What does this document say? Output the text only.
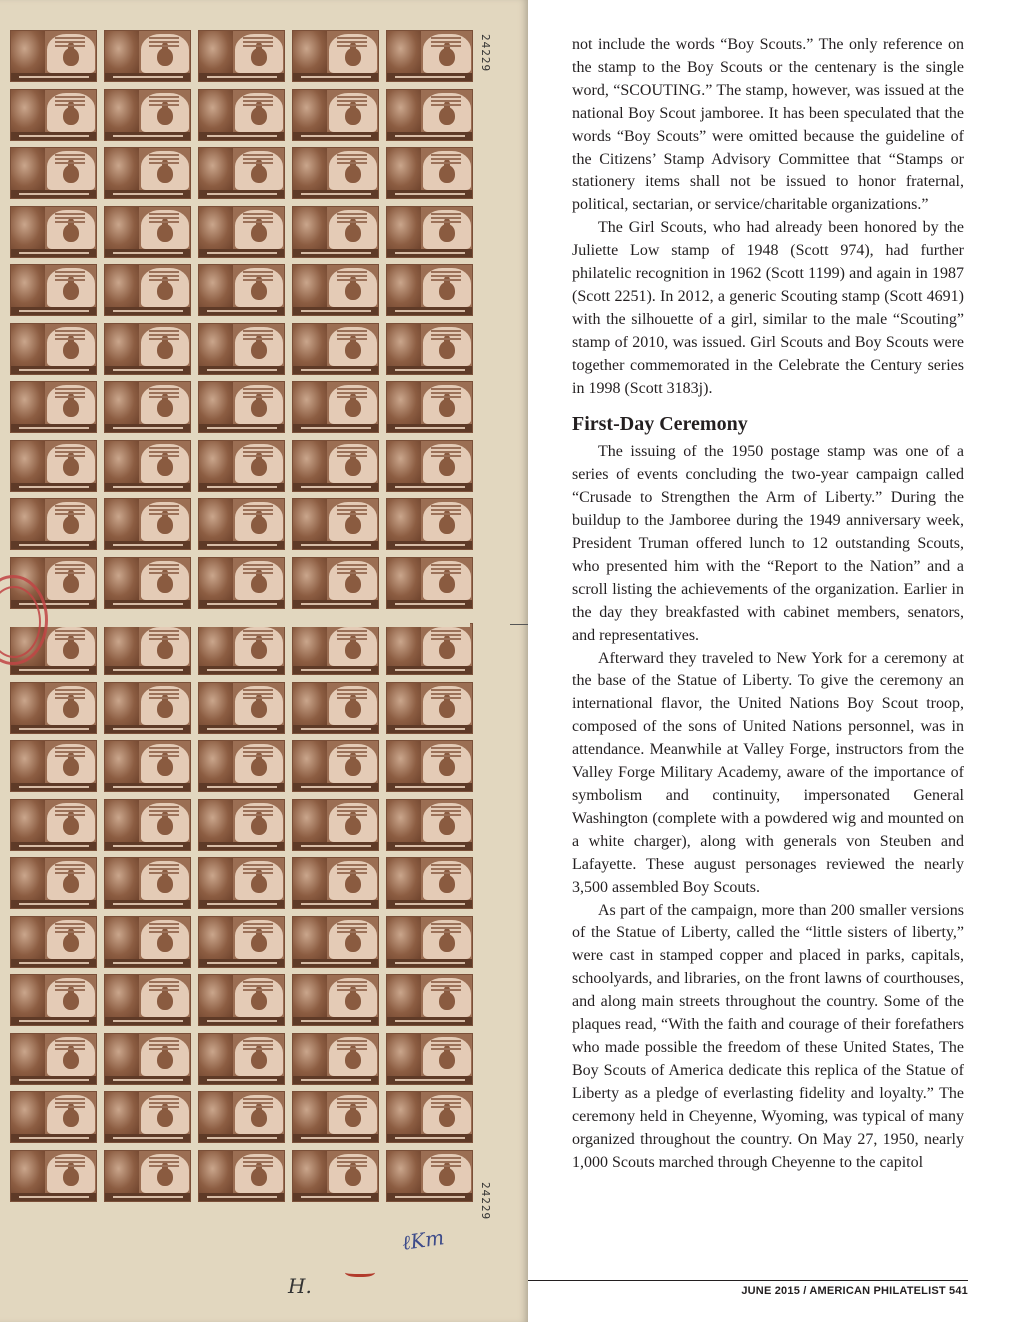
24229
24229
ℓKm
H.

not include the words “Boy Scouts.” The only reference on the stamp to the Boy Scouts or the centenary is the single word, “SCOUTING.” The stamp, however, was issued at the national Boy Scout jamboree. It has been speculated that the words “Boy Scouts” were omitted because the guideline of the Citizens’ Stamp Advisory Committee that “Stamps or stationery items shall not be issued to honor fraternal, political, sectarian, or service/charitable organizations.”

The Girl Scouts, who had already been honored by the Juliette Low stamp of 1948 (Scott 974), had further philatelic recognition in 1962 (Scott 1199) and again in 1987 (Scott 2251). In 2012, a generic Scouting stamp (Scott 4691) with the silhouette of a girl, similar to the male “Scouting” stamp of 2010, was issued. Girl Scouts and Boy Scouts were together commemorated in the Celebrate the Century series in 1998 (Scott 3183j).

First-Day Ceremony

The issuing of the 1950 postage stamp was one of a series of events concluding the two-year campaign called “Crusade to Strengthen the Arm of Liberty.” During the buildup to the Jamboree during the 1949 anniversary week, President Truman offered lunch to 12 outstanding Scouts, who presented him with the “Report to the Nation” and a scroll listing the achievements of the organization. Earlier in the day they breakfasted with cabinet members, senators, and representatives.

Afterward they traveled to New York for a ceremony at the base of the Statue of Liberty. To give the ceremony an international flavor, the United Nations Boy Scout troop, composed of the sons of United Nations personnel, was in attendance. Meanwhile at Valley Forge, instructors from the Valley Forge Military Academy, aware of the importance of symbolism and continuity, impersonated General Washington (complete with a powdered wig and mounted on a white charger), along with generals von Steuben and Lafayette. These august personages reviewed the nearly 3,500 assembled Boy Scouts.

As part of the campaign, more than 200 smaller versions of the Statue of Liberty, called the “little sisters of liberty,” were cast in stamped copper and placed in parks, capitals, schoolyards, and libraries, on the front lawns of courthouses, and along main streets throughout the country. Some of the plaques read, “With the faith and courage of their forefathers who made possible the freedom of these United States, The Boy Scouts of America dedicate this replica of the Statue of Liberty as a pledge of everlasting fidelity and loyalty.” The ceremony held in Cheyenne, Wyoming, was typical of many organized throughout the country. On May 27, 1950, nearly 1,000 Scouts marched through Cheyenne to the capitol

JUNE 2015 / AMERICAN PHILATELIST 541
